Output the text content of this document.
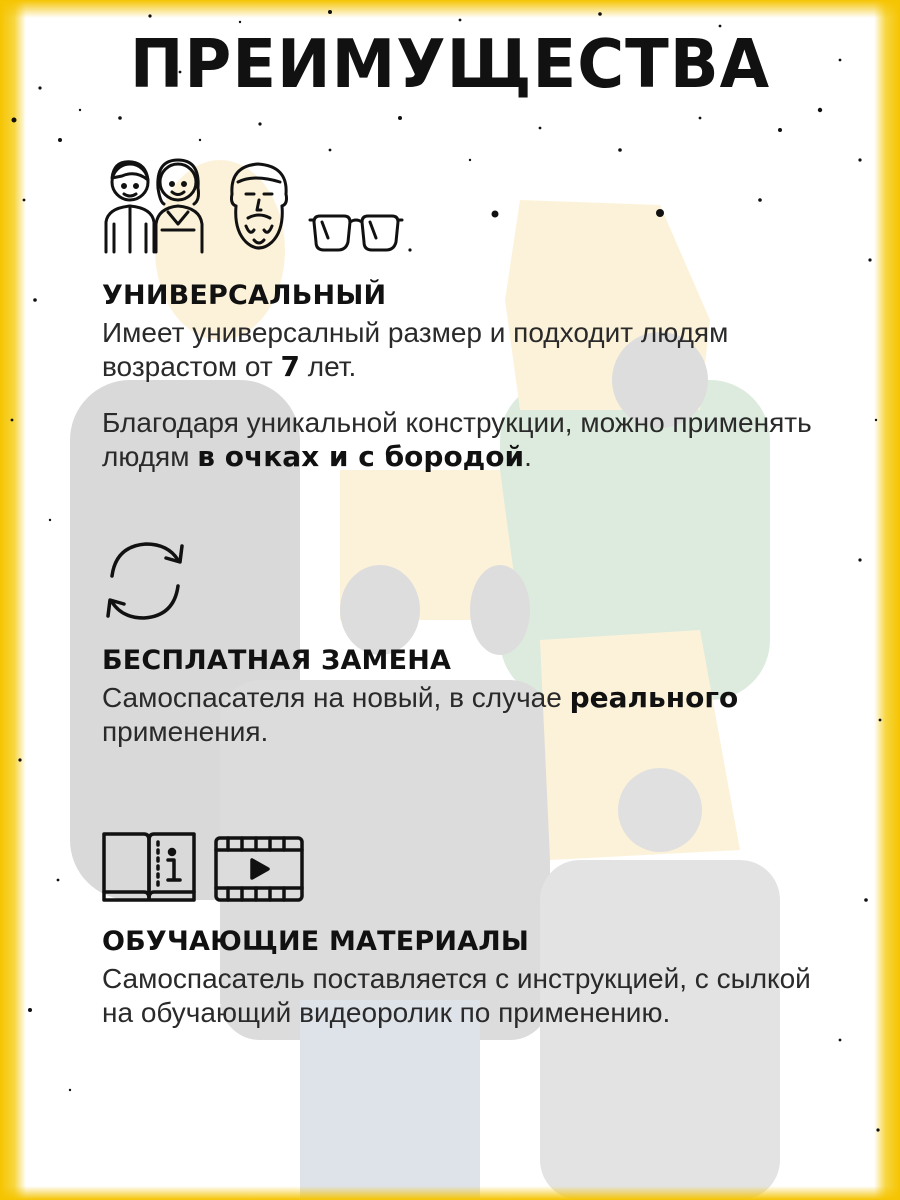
ПРЕИМУЩЕСТВА
УНИВЕРСАЛЬНЫЙ
Имеет универсалный размер и подходит людям возрастом от 7 лет.
Благодаря уникальной конструкции, можно применять людям в очках и с бородой.
БЕСПЛАТНАЯ ЗАМЕНА
Самоспасателя на новый, в случае реального применения.
ОБУЧАЮЩИЕ МАТЕРИАЛЫ
Самоспасатель поставляется с инструкцией, с сылкой на обучающий видеоролик по применению.
